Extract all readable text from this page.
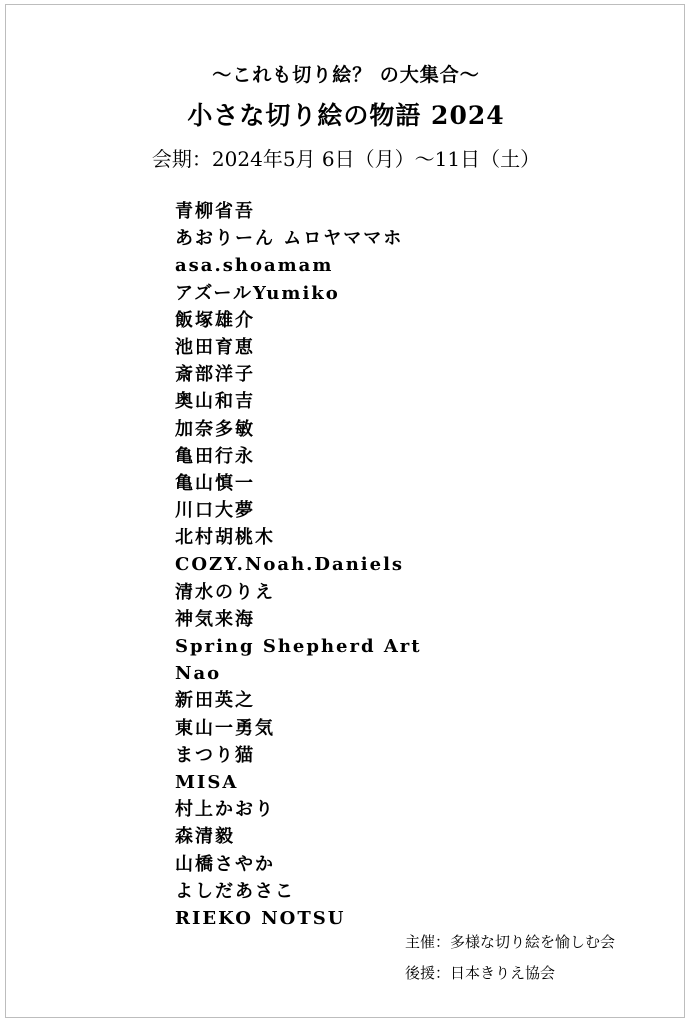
〜これも切り絵？ の大集合〜
小さな切り絵の物語 2024
会期：2024年5月 6日（月）〜11日（土）
青柳省吾
あおりーん ムロヤママホ
asa.shoamam
アズールYumiko
飯塚雄介
池田育恵
斎部洋子
奥山和吉
加奈多敏
亀田行永
亀山慎一
川口大夢
北村胡桃木
COZY.Noah.Daniels
清水のりえ
神気来海
Spring Shepherd Art
Nao
新田英之
東山一勇気
まつり猫
MISA
村上かおり
森清毅
山橋さやか
よしだあさこ
RIEKO NOTSU
主催：多様な切り絵を愉しむ会
後援：日本きりえ協会
